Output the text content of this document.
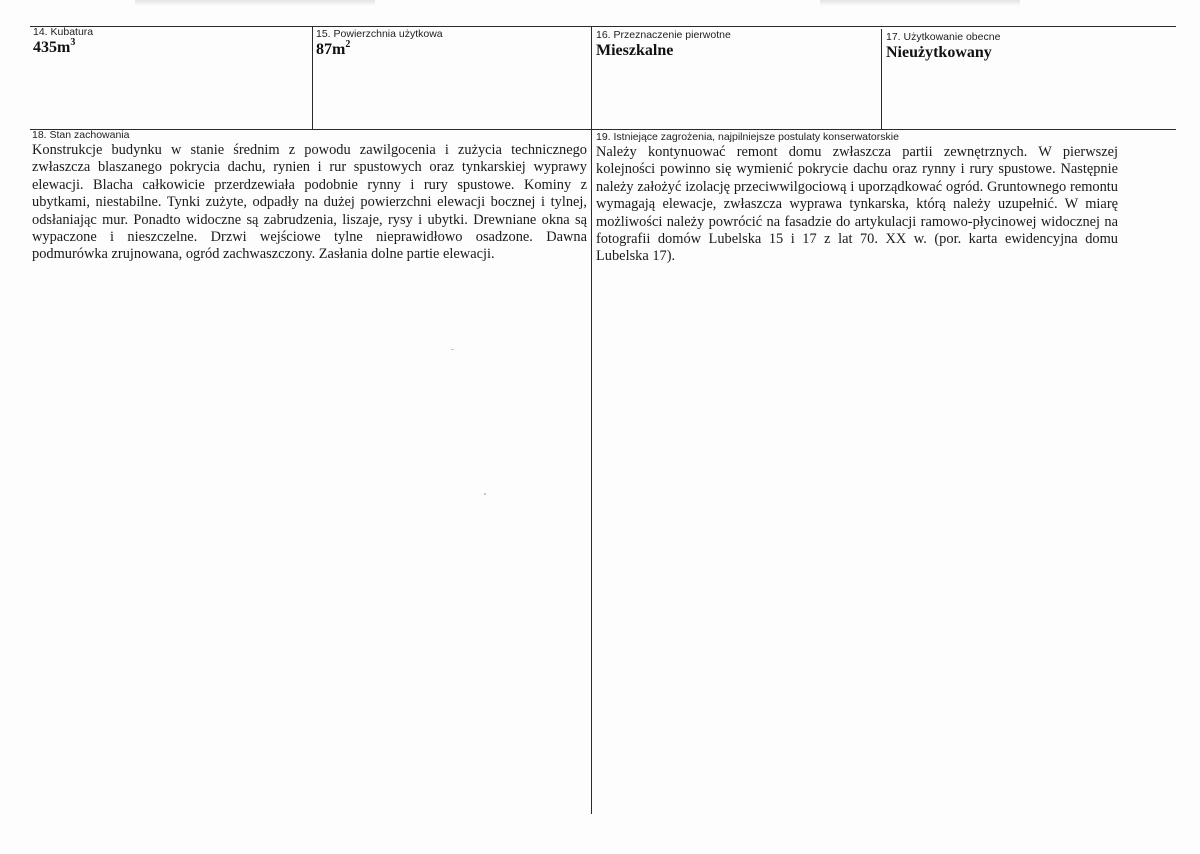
14. Kubatura
$435m^3$
15. Powierzchnia użytkowa
$87m^2$
16. Przeznaczenie pierwotne
Mieszkalne
17. Użytkowanie obecne
Nieużytkowany
18. Stan zachowania
Konstrukcje budynku w stanie średnim z powodu zawilgocenia i zużycia technicznego zwłaszcza blaszanego pokrycia dachu, rynien i rur spustowych oraz tynkarskiej wyprawy elewacji. Blacha całkowicie przerdzewiała podobnie rynny i rury spustowe. Kominy z ubytkami, niestabilne. Tynki zużyte, odpadły na dużej powierzchni elewacji bocznej i tylnej, odsłaniając mur. Ponadto widoczne są zabrudzenia, liszaje, rysy i ubytki. Drewniane okna są wypaczone i nieszczelne. Drzwi wejściowe tylne nieprawidłowo osadzone. Dawna podmurówka zrujnowana, ogród zachwaszczony. Zasłania dolne partie elewacji.
19. Istniejące zagrożenia, najpilniejsze postulaty konserwatorskie
Należy kontynuować remont domu zwłaszcza partii zewnętrznych. W pierwszej kolejności powinno się wymienić pokrycie dachu oraz rynny i rury spustowe. Następnie należy założyć izolację przeciwwilgociową i uporządkować ogród. Gruntownego remontu wymagają elewacje, zwłaszcza wyprawa tynkarska, którą należy uzupełnić. W miarę możliwości należy powrócić na fasadzie do artykulacji ramowo-płycinowej widocznej na fotografii domów Lubelska 15 i 17 z lat 70. XX w. (por. karta ewidencyjna domu Lubelska 17).
